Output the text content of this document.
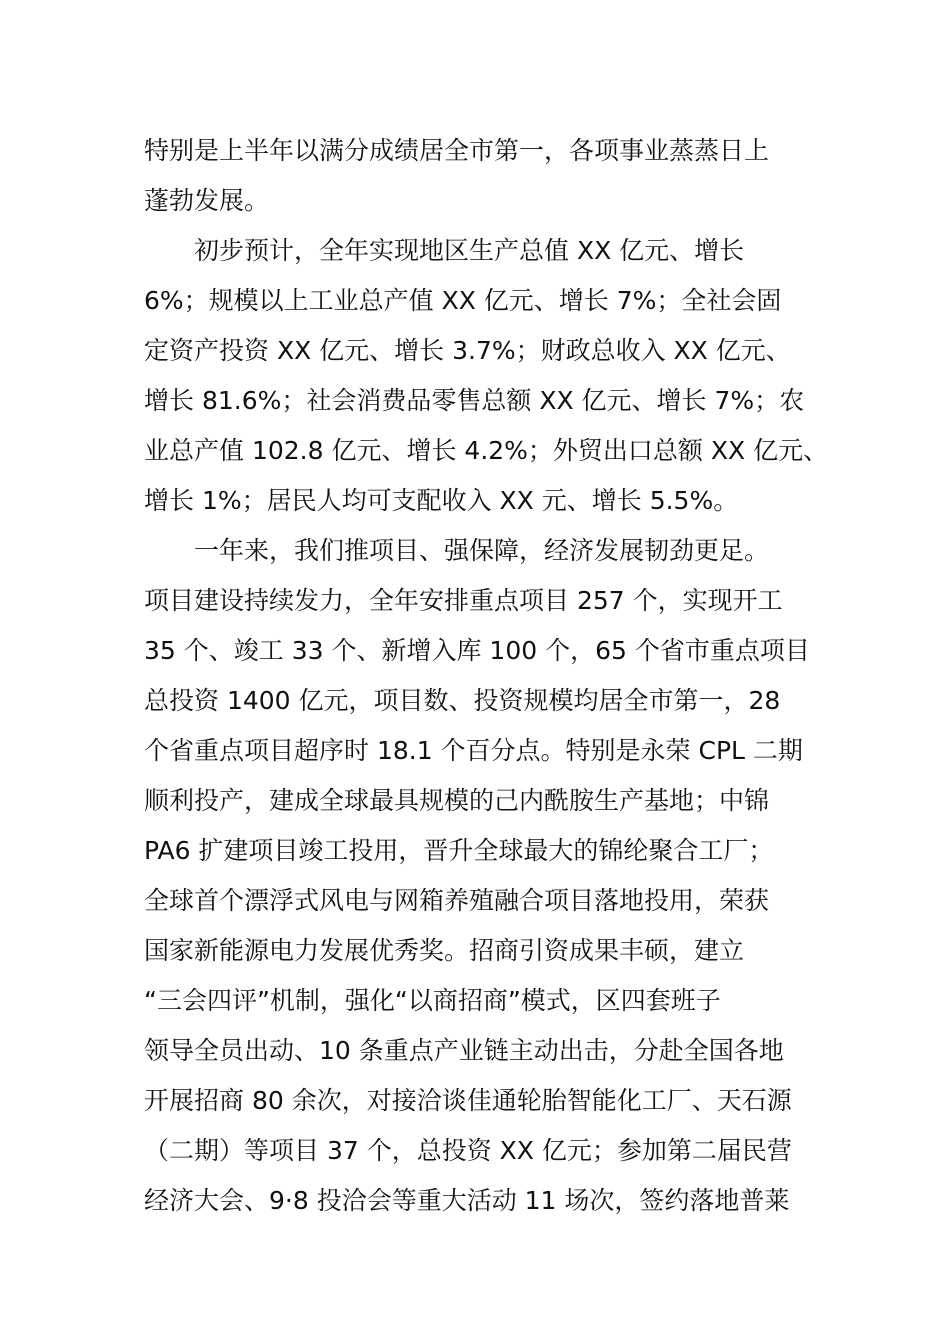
特别是上半年以满分成绩居全市第一，各项事业蒸蒸日上
蓬勃发展。
初步预计，全年实现地区生产总值 XX 亿元、增长
6%；规模以上工业总产值 XX 亿元、增长 7%；全社会固
定资产投资 XX 亿元、增长 3.7%；财政总收入 XX 亿元、
增长 81.6%；社会消费品零售总额 XX 亿元、增长 7%；农
业总产值 102.8 亿元、增长 4.2%；外贸出口总额 XX 亿元、
增长 1%；居民人均可支配收入 XX 元、增长 5.5%。
一年来，我们推项目、强保障，经济发展韧劲更足。
项目建设持续发力，全年安排重点项目 257 个，实现开工
35 个、竣工 33 个、新增入库 100 个，65 个省市重点项目
总投资 1400 亿元，项目数、投资规模均居全市第一，28
个省重点项目超序时 18.1 个百分点。特别是永荣 CPL 二期
顺利投产，建成全球最具规模的己内酰胺生产基地；中锦
PA6 扩建项目竣工投用，晋升全球最大的锦纶聚合工厂；
全球首个漂浮式风电与网箱养殖融合项目落地投用，荣获
国家新能源电力发展优秀奖。招商引资成果丰硕，建立
“三会四评”机制，强化“以商招商”模式，区四套班子
领导全员出动、10 条重点产业链主动出击，分赴全国各地
开展招商 80 余次，对接洽谈佳通轮胎智能化工厂、天石源
（二期）等项目 37 个，总投资 XX 亿元；参加第二届民营
经济大会、9·8 投洽会等重大活动 11 场次，签约落地普莱
